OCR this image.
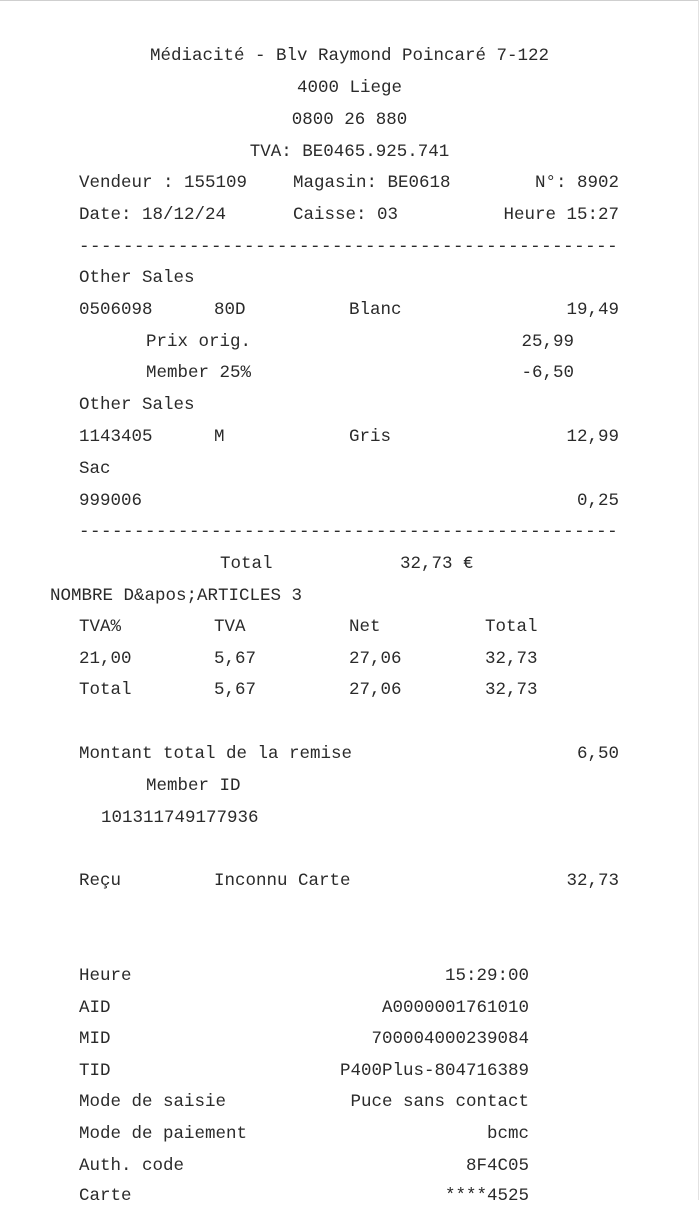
Médiacité - Blv Raymond Poincaré 7-122
4000 Liege
0800 26 880
TVA: BE0465.925.741
Vendeur : 155109	Magasin: BE0618	N°: 8902
Date: 18/12/24	Caisse: 03	Heure 15:27
-----
Other Sales
0506098	80D	Blanc	19,49
Prix orig.	25,99
Member 25%	-6,50
Other Sales
1143405	M	Gris	12,99
Sac
999006	0,25
-----
Total	32,73 €
NOMBRE D&apos;ARTICLES 3
TVA%	TVA	Net	Total
21,00	5,67	27,06	32,73
Total	5,67	27,06	32,73
Montant total de la remise	6,50
Member ID
101311749177936
Reçu	Inconnu Carte	32,73
Heure	15:29:00
AID	A0000001761010
MID	700004000239084
TID	P400Plus-804716389
Mode de saisie	Puce sans contact
Mode de paiement	bcmc
Auth. code	8F4C05
Carte	****4525
